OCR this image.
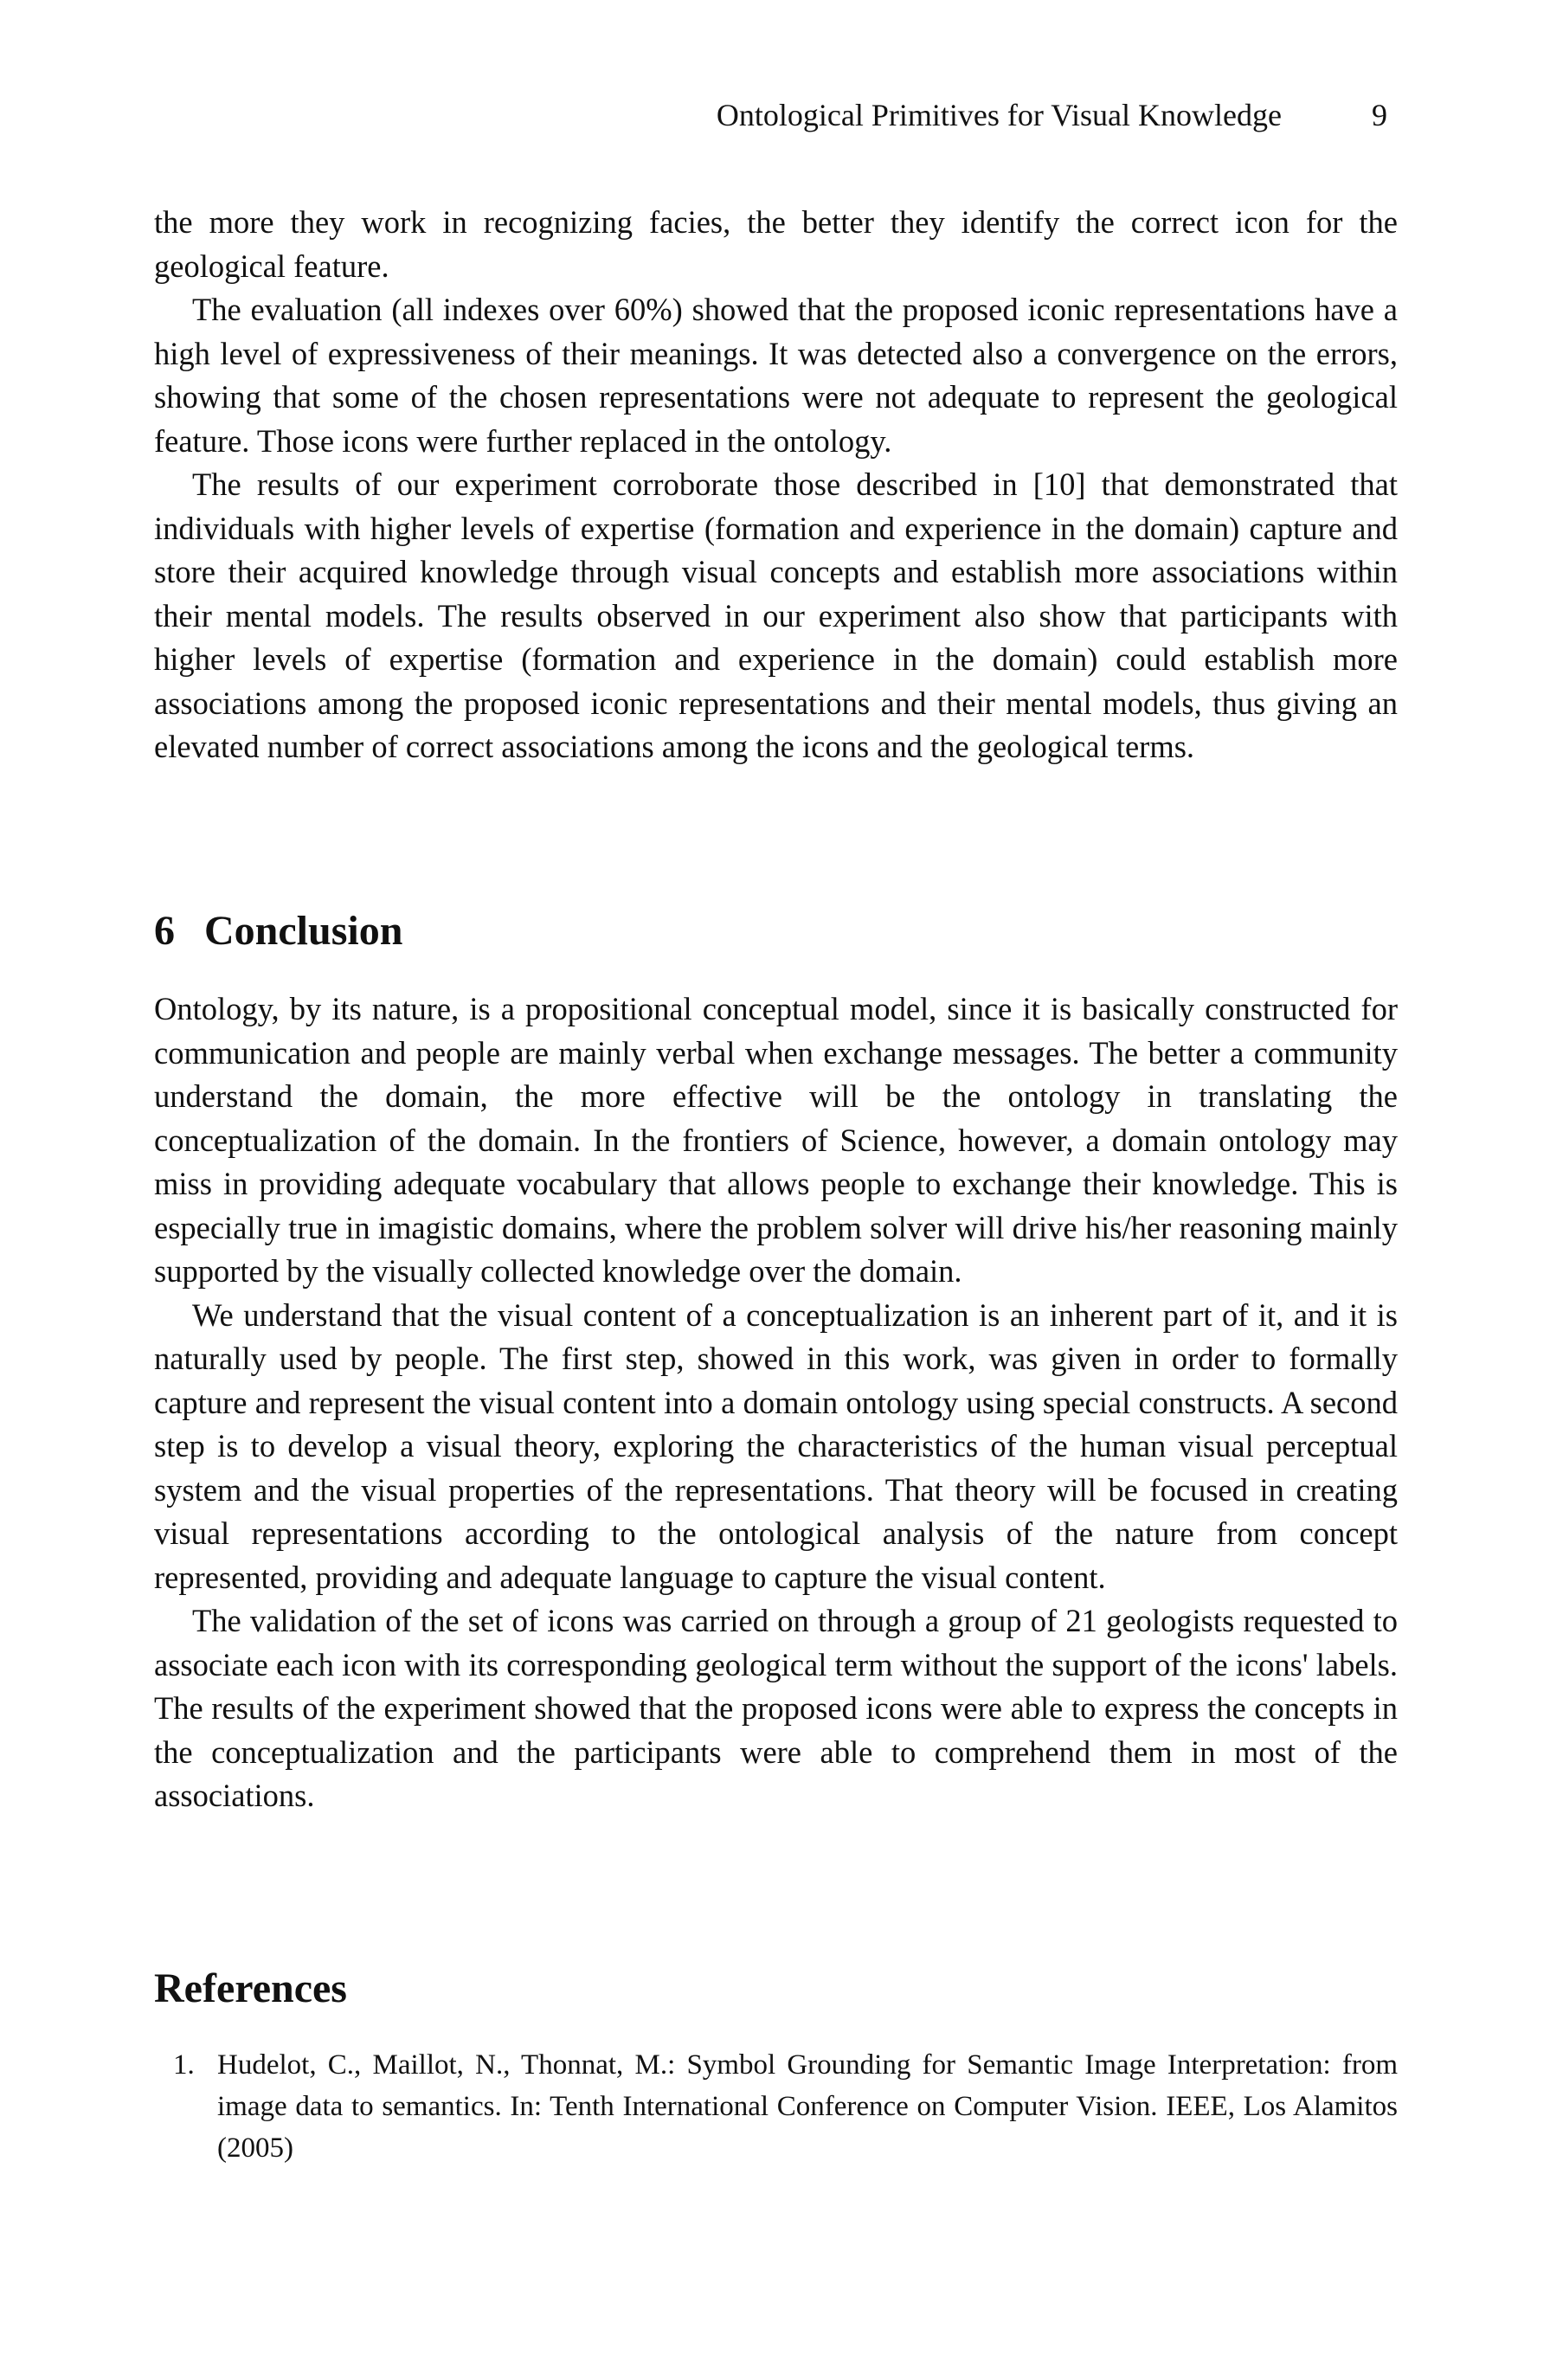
Ontological Primitives for Visual Knowledge	9

the more they work in recognizing facies, the better they identify the correct icon for the geological feature.

The evaluation (all indexes over 60%) showed that the proposed iconic representations have a high level of expressiveness of their meanings. It was detected also a convergence on the errors, showing that some of the chosen representations were not adequate to represent the geological feature. Those icons were further replaced in the ontology.

The results of our experiment corroborate those described in [10] that demonstrated that individuals with higher levels of expertise (formation and experience in the domain) capture and store their acquired knowledge through visual concepts and establish more associations within their mental models. The results observed in our experiment also show that participants with higher levels of expertise (formation and experience in the domain) could establish more associations among the proposed iconic representations and their mental models, thus giving an elevated number of correct associations among the icons and the geological terms.

6 Conclusion

Ontology, by its nature, is a propositional conceptual model, since it is basically constructed for communication and people are mainly verbal when exchange messages. The better a community understand the domain, the more effective will be the ontology in translating the conceptualization of the domain. In the frontiers of Science, however, a domain ontology may miss in providing adequate vocabulary that allows people to exchange their knowledge. This is especially true in imagistic domains, where the problem solver will drive his/her reasoning mainly supported by the visually collected knowledge over the domain.

We understand that the visual content of a conceptualization is an inherent part of it, and it is naturally used by people. The first step, showed in this work, was given in order to formally capture and represent the visual content into a domain ontology using special constructs. A second step is to develop a visual theory, exploring the characteristics of the human visual perceptual system and the visual properties of the representations. That theory will be focused in creating visual representations according to the ontological analysis of the nature from concept represented, providing and adequate language to capture the visual content.

The validation of the set of icons was carried on through a group of 21 geologists requested to associate each icon with its corresponding geological term without the support of the icons' labels. The results of the experiment showed that the proposed icons were able to express the concepts in the conceptualization and the participants were able to comprehend them in most of the associations.

References
1. Hudelot, C., Maillot, N., Thonnat, M.: Symbol Grounding for Semantic Image Interpretation: from image data to semantics. In: Tenth International Conference on Computer Vision. IEEE, Los Alamitos (2005)
